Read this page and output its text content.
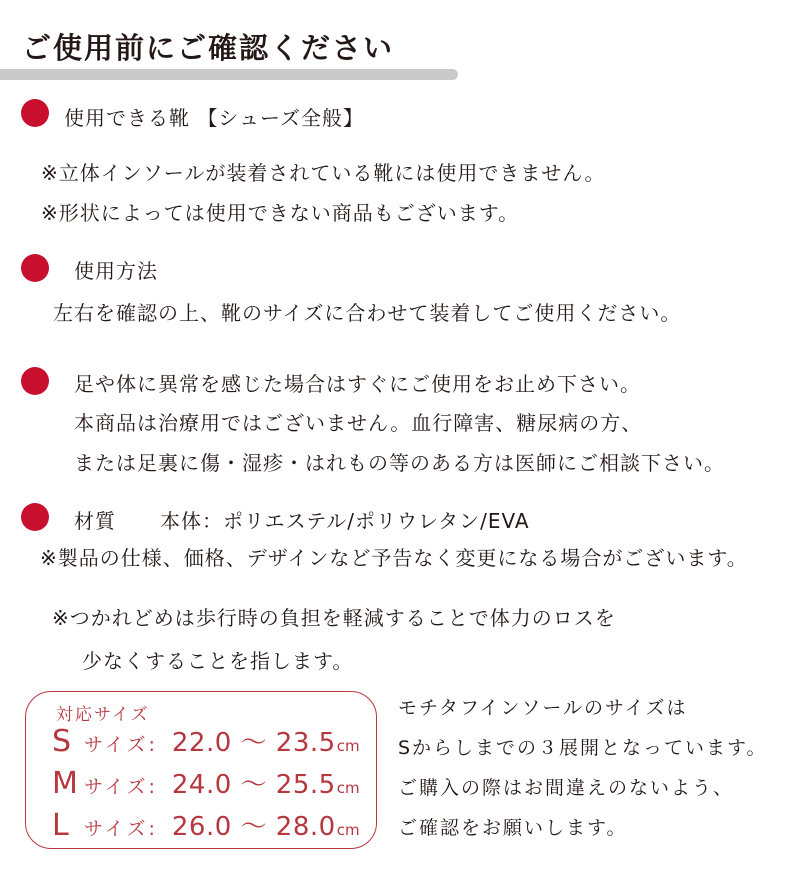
ご使用前にご確認ください
使用できる靴 【シューズ全般】
※立体インソールが装着されている靴には使用できません。
※形状によっては使用できない商品もございます。
使用方法
左右を確認の上、靴のサイズに合わせて装着してご使用ください。
足や体に異常を感じた場合はすぐにご使用をお止め下さい。
本商品は治療用ではございません。血行障害、糖尿病の方、
または足裏に傷・湿疹・はれもの等のある方は医師にご相談下さい。
材質 本体：ポリエステル/ポリウレタン/EVA
※製品の仕様、価格、デザインなど予告なく変更になる場合がございます。
※つかれどめは歩行時の負担を軽減することで体力のロスを
少なくすることを指します。
対応サイズ
S サイズ: 22.0 ～ 23.5 cm
M サイズ: 24.0 ～ 25.5 cm
L サイズ: 26.0 ～ 28.0 cm
モチタフインソールのサイズは
Sからしまでの３展開となっています。
ご購入の際はお間違えのないよう、
ご確認をお願いします。
